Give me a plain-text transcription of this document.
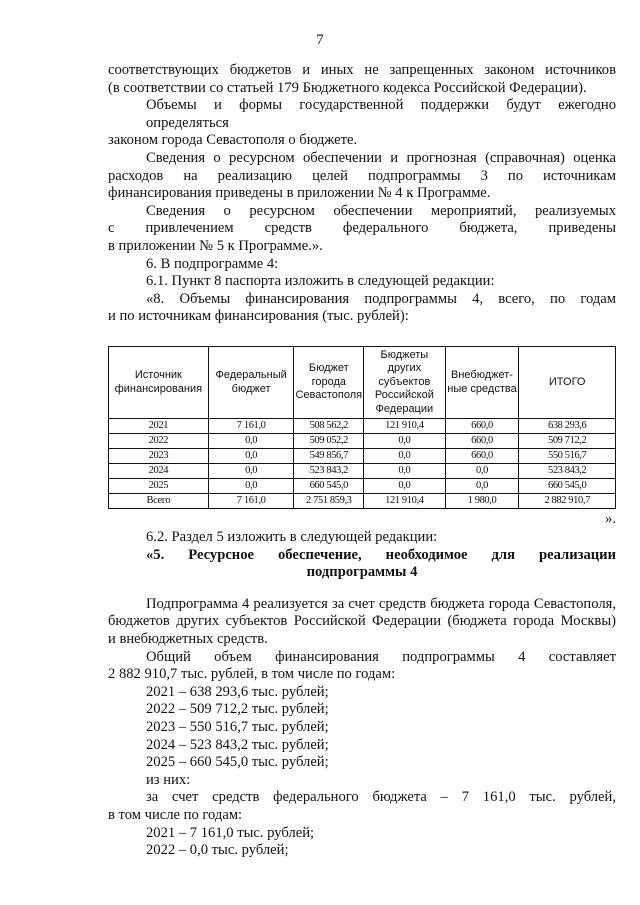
7
соответствующих бюджетов и иных не запрещенных законом источников
(в соответствии со статьей 179 Бюджетного кодекса Российской Федерации).
Объемы и формы государственной поддержки будут ежегодно определяться
законом города Севастополя о бюджете.
Сведения о ресурсном обеспечении и прогнозная (справочная) оценка
расходов на реализацию целей подпрограммы 3 по источникам
финансирования приведены в приложении № 4 к Программе.
Сведения о ресурсном обеспечении мероприятий, реализуемых
с привлечением средств федерального бюджета, приведены
в приложении № 5 к Программе.».
6. В подпрограмме 4:
6.1. Пункт 8 паспорта изложить в следующей редакции:
«8. Объемы финансирования подпрограммы 4, всего, по годам
и по источникам финансирования (тыс. рублей):
Источник финансирования	Федеральный бюджет	Бюджет города Севастополя	Бюджеты других субъектов Российской Федерации	Внебюджет-ные средства	ИТОГО
2021	7 161,0	508 562,2	121 910,4	660,0	638 293,6
2022	0,0	509 052,2	0,0	660,0	509 712,2
2023	0,0	549 856,7	0,0	660,0	550 516,7
2024	0,0	523 843,2	0,0	0,0	523 843,2
2025	0,0	660 545,0	0,0	0,0	660 545,0
Всего	7 161,0	2 751 859,3	121 910,4	1 980,0	2 882 910,7
».
6.2. Раздел 5 изложить в следующей редакции:
«5. Ресурсное обеспечение, необходимое для реализации
подпрограммы 4
Подпрограмма 4 реализуется за счет средств бюджета города Севастополя,
бюджетов других субъектов Российской Федерации (бюджета города Москвы)
и внебюджетных средств.
Общий объем финансирования подпрограммы 4 составляет
2 882 910,7 тыс. рублей, в том числе по годам:
2021 – 638 293,6 тыс. рублей;
2022 – 509 712,2 тыс. рублей;
2023 – 550 516,7 тыс. рублей;
2024 – 523 843,2 тыс. рублей;
2025 – 660 545,0 тыс. рублей;
из них:
за счет средств федерального бюджета – 7 161,0 тыс. рублей,
в том числе по годам:
2021 – 7 161,0 тыс. рублей;
2022 – 0,0 тыс. рублей;
